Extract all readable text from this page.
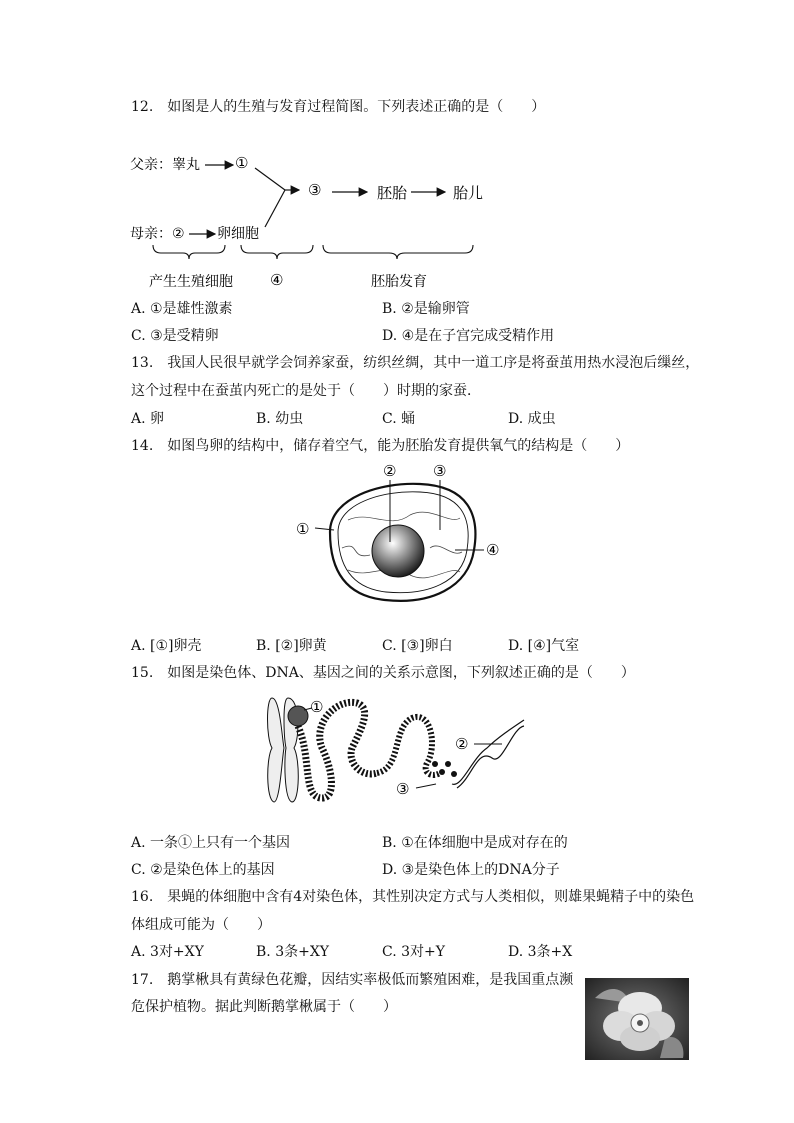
12.　如图是人的生殖与发育过程简图。下列表述正确的是（　　）
父亲：睾丸 ①
母亲：② 卵细胞
③	胚胎	胎儿
产生生殖细胞 ④	胚胎发育
A. ①是雄性激素	B. ②是输卵管
C. ③是受精卵	D. ④是在子宫完成受精作用
13.　我国人民很早就学会饲养家蚕，纺织丝绸，其中一道工序是将蚕茧用热水浸泡后缫丝，
这个过程中在蚕茧内死亡的是处于（　　）时期的家蚕．
A. 卵	B. 幼虫	C. 蛹	D. 成虫
14.　如图鸟卵的结构中，储存着空气，能为胚胎发育提供氧气的结构是（　　）
①
② ③
④
A. [①]卵壳	B. [②]卵黄	C. [③]卵白	D. [④]气室
15.　如图是染色体、DNA、基因之间的关系示意图，下列叙述正确的是（　　）
①
②
③
A. 一条①上只有一个基因	B. ①在体细胞中是成对存在的
C. ②是染色体上的基因	D. ③是染色体上的DNA分子
16.　果蝇的体细胞中含有4对染色体，其性别决定方式与人类相似，则雄果蝇精子中的染色
体组成可能为（　　）
A. 3对+XY	B. 3条+XY	C. 3对+Y	D. 3条+X
17.　鹅掌楸具有黄绿色花瓣，因结实率极低而繁殖困难，是我国重点濒
危保护植物。据此判断鹅掌楸属于（　　）
